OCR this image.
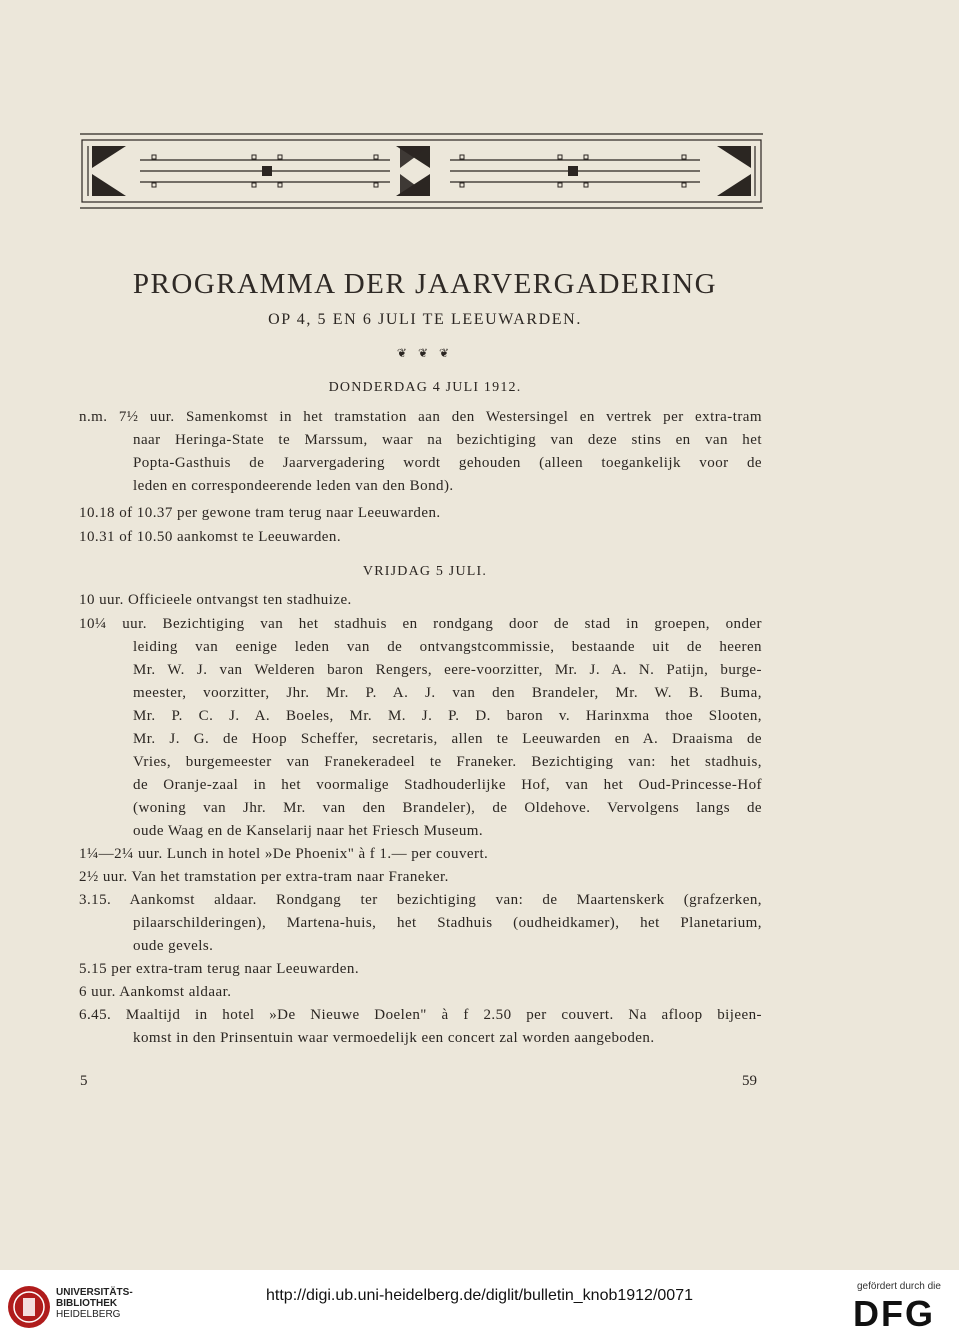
PROGRAMMA DER JAARVERGADERING
OP 4, 5 EN 6 JULI TE LEEUWARDEN.
❦ ❦ ❦
DONDERDAG 4 JULI 1912.
n.m. 7½ uur. Samenkomst in het tramstation aan den Westersingel en vertrek per extra-tram
naar Heringa-State te Marssum, waar na bezichtiging van deze stins en van het
Popta-Gasthuis de Jaarvergadering wordt gehouden (alleen toegankelijk voor de
leden en correspondeerende leden van den Bond).
10.18 of 10.37 per gewone tram terug naar Leeuwarden.
10.31 of 10.50 aankomst te Leeuwarden.
VRIJDAG 5 JULI.
10 uur. Officieele ontvangst ten stadhuize.
10¼ uur. Bezichtiging van het stadhuis en rondgang door de stad in groepen, onder
leiding van eenige leden van de ontvangstcommissie, bestaande uit de heeren
Mr. W. J. van Welderen baron Rengers, eere-voorzitter, Mr. J. A. N. Patijn, burge-
meester, voorzitter, Jhr. Mr. P. A. J. van den Brandeler, Mr. W. B. Buma,
Mr. P. C. J. A. Boeles, Mr. M. J. P. D. baron v. Harinxma thoe Slooten,
Mr. J. G. de Hoop Scheffer, secretaris, allen te Leeuwarden en A. Draaisma de
Vries, burgemeester van Franekeradeel te Franeker. Bezichtiging van: het stadhuis,
de Oranje-zaal in het voormalige Stadhouderlijke Hof, van het Oud-Princesse-Hof
(woning van Jhr. Mr. van den Brandeler), de Oldehove. Vervolgens langs de
oude Waag en de Kanselarij naar het Friesch Museum.
1¼—2¼ uur. Lunch in hotel »De Phoenix" à f 1.— per couvert.
2½ uur. Van het tramstation per extra-tram naar Franeker.
3.15. Aankomst aldaar. Rondgang ter bezichtiging van: de Maartenskerk (grafzerken,
pilaarschilderingen), Martena-huis, het Stadhuis (oudheidkamer), het Planetarium,
oude gevels.
5.15 per extra-tram terug naar Leeuwarden.
6 uur. Aankomst aldaar.
6.45. Maaltijd in hotel »De Nieuwe Doelen" à f 2.50 per couvert. Na afloop bijeen-
komst in den Prinsentuin waar vermoedelijk een concert zal worden aangeboden.
5	59
UNIVERSITÄTS-
BIBLIOTHEK
HEIDELBERG
http://digi.ub.uni-heidelberg.de/diglit/bulletin_knob1912/0071
gefördert durch die
DFG
